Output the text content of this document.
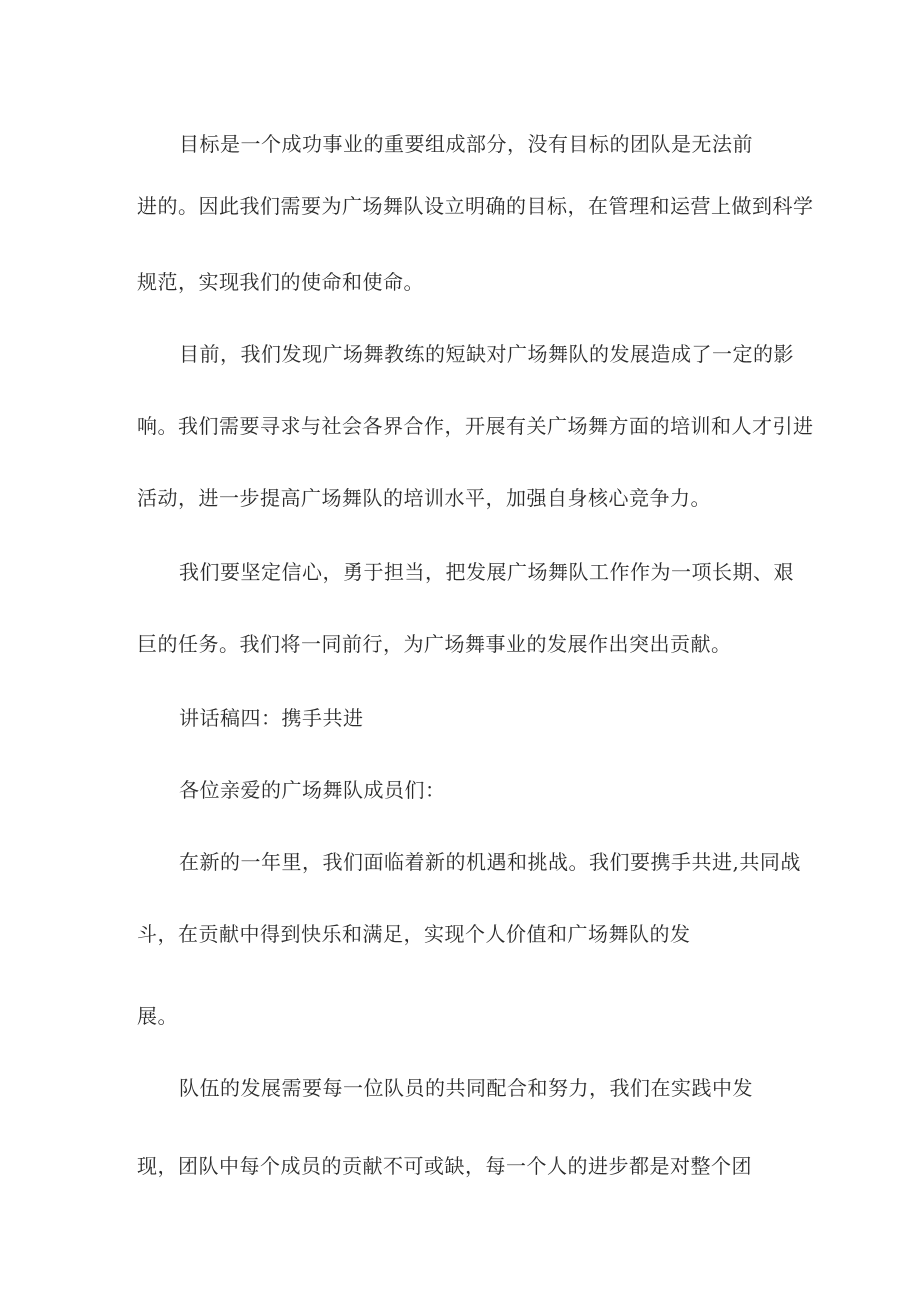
目标是一个成功事业的重要组成部分，没有目标的团队是无法前
进的。因此我们需要为广场舞队设立明确的目标，在管理和运营上做到科学
规范，实现我们的使命和使命。
目前，我们发现广场舞教练的短缺对广场舞队的发展造成了一定的影
响。我们需要寻求与社会各界合作，开展有关广场舞方面的培训和人才引进
活动，进一步提高广场舞队的培训水平，加强自身核心竞争力。
我们要坚定信心，勇于担当，把发展广场舞队工作作为一项长期、艰
巨的任务。我们将一同前行，为广场舞事业的发展作出突出贡献。
讲话稿四：携手共进
各位亲爱的广场舞队成员们：
在新的一年里，我们面临着新的机遇和挑战。我们要携手共进,共同战
斗，在贡献中得到快乐和满足，实现个人价值和广场舞队的发
展。
队伍的发展需要每一位队员的共同配合和努力，我们在实践中发
现，团队中每个成员的贡献不可或缺，每一个人的进步都是对整个团
